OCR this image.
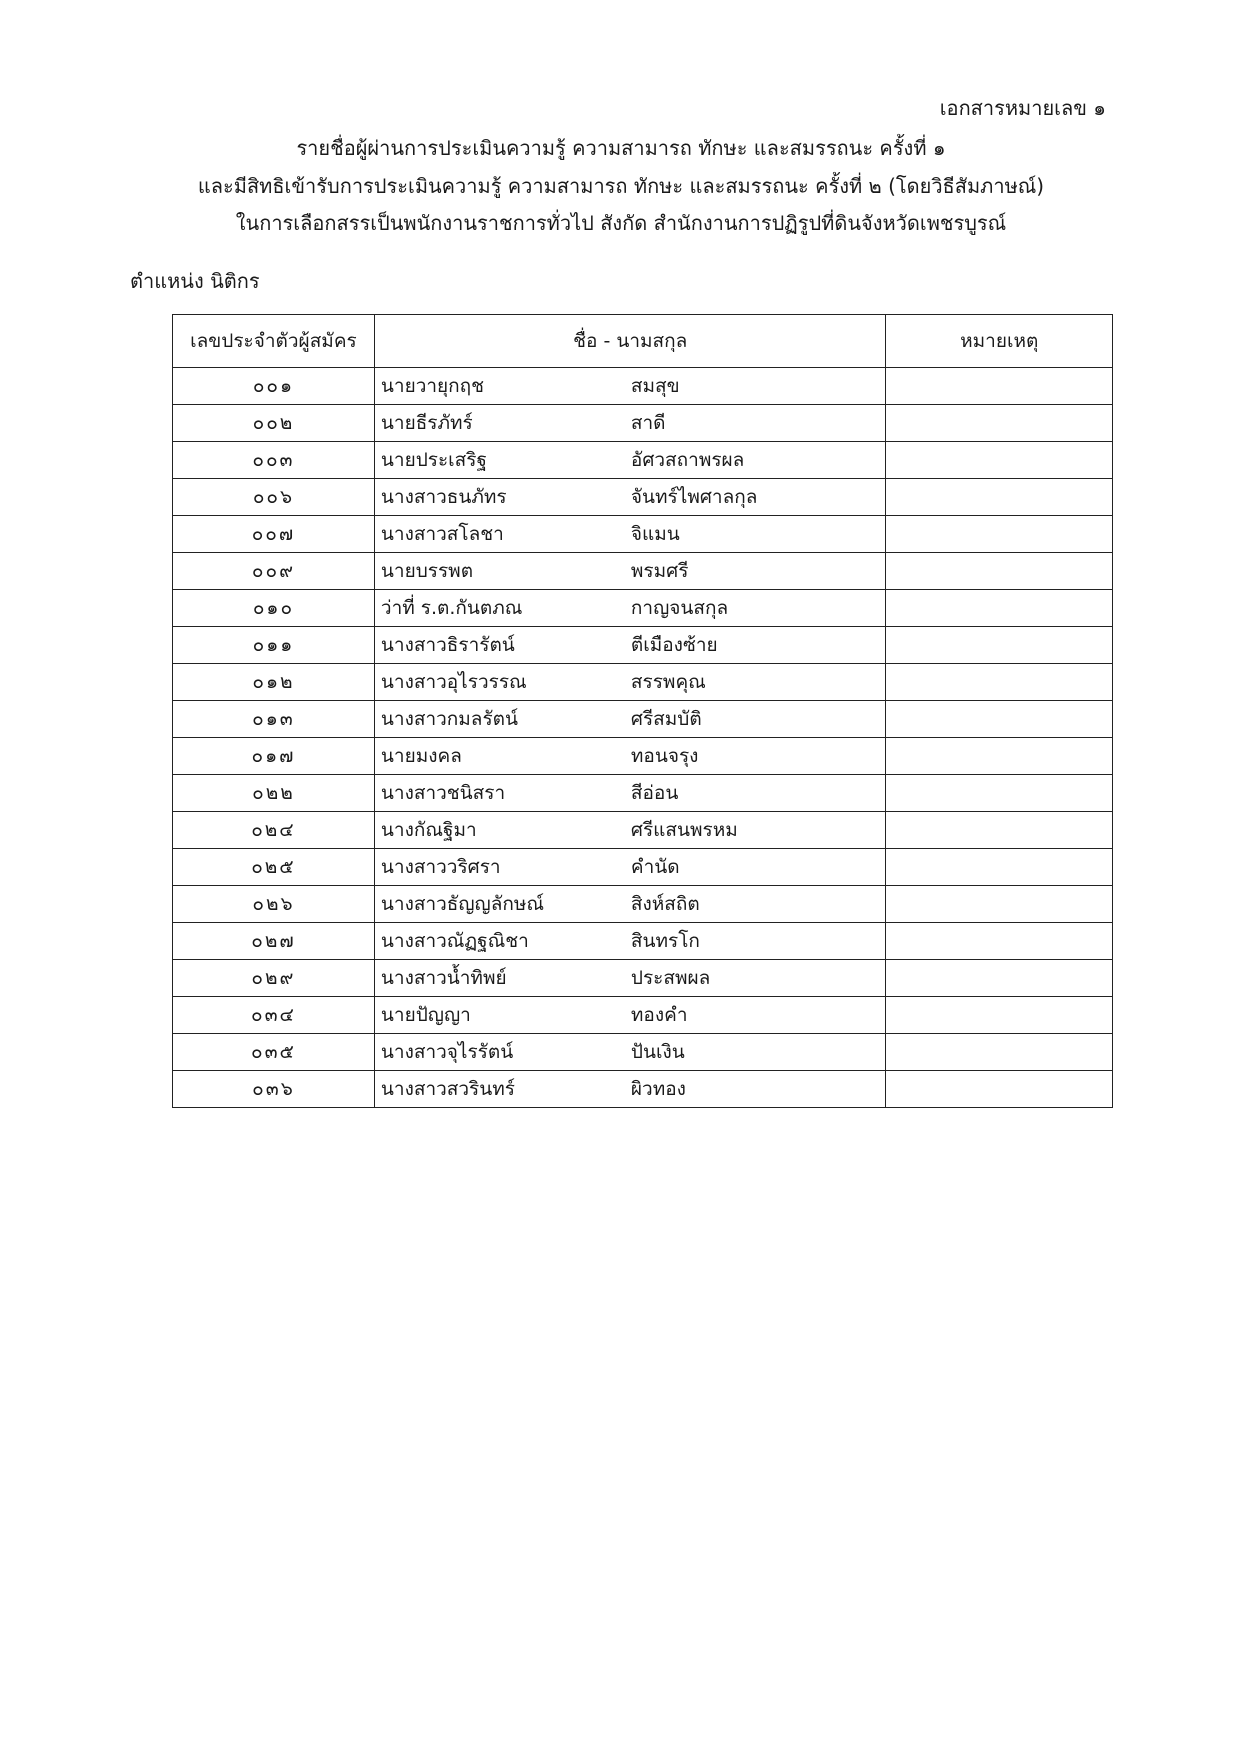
เอกสารหมายเลข ๑
รายชื่อผู้ผ่านการประเมินความรู้ ความสามารถ ทักษะ และสมรรถนะ ครั้งที่ ๑
และมีสิทธิเข้ารับการประเมินความรู้ ความสามารถ ทักษะ และสมรรถนะ ครั้งที่ ๒ (โดยวิธีสัมภาษณ์)
ในการเลือกสรรเป็นพนักงานราชการทั่วไป สังกัด สำนักงานการปฏิรูปที่ดินจังหวัดเพชรบูรณ์
ตำแหน่ง นิติกร
เลขประจำตัวผู้สมัคร	ชื่อ - นามสกุล	หมายเหตุ
๐๐๑	นายวายุกฤช สมสุข	
๐๐๒	นายธีรภัทร์ สาดี	
๐๐๓	นายประเสริฐ อัศวสถาพรผล	
๐๐๖	นางสาวธนภัทร จันทร์ไพศาลกุล	
๐๐๗	นางสาวสโลชา จิแมน	
๐๐๙	นายบรรพต พรมศรี	
๐๑๐	ว่าที่ ร.ต.กันตภณ กาญจนสกุล	
๐๑๑	นางสาวธิรารัตน์ ตีเมืองซ้าย	
๐๑๒	นางสาวอุไรวรรณ สรรพคุณ	
๐๑๓	นางสาวกมลรัตน์ ศรีสมบัติ	
๐๑๗	นายมงคล ทอนจรุง	
๐๒๒	นางสาวชนิสรา สีอ่อน	
๐๒๔	นางกัณฐิมา ศรีแสนพรหม	
๐๒๕	นางสาววริศรา คำนัด	
๐๒๖	นางสาวธัญญลักษณ์ สิงห์สถิต	
๐๒๗	นางสาวณัฏฐณิชา สินทรโก	
๐๒๙	นางสาวน้ำทิพย์ ประสพผล	
๐๓๔	นายปัญญา ทองคำ	
๐๓๕	นางสาวจุไรรัตน์ ปันเงิน	
๐๓๖	นางสาวสวรินทร์ ผิวทอง	
